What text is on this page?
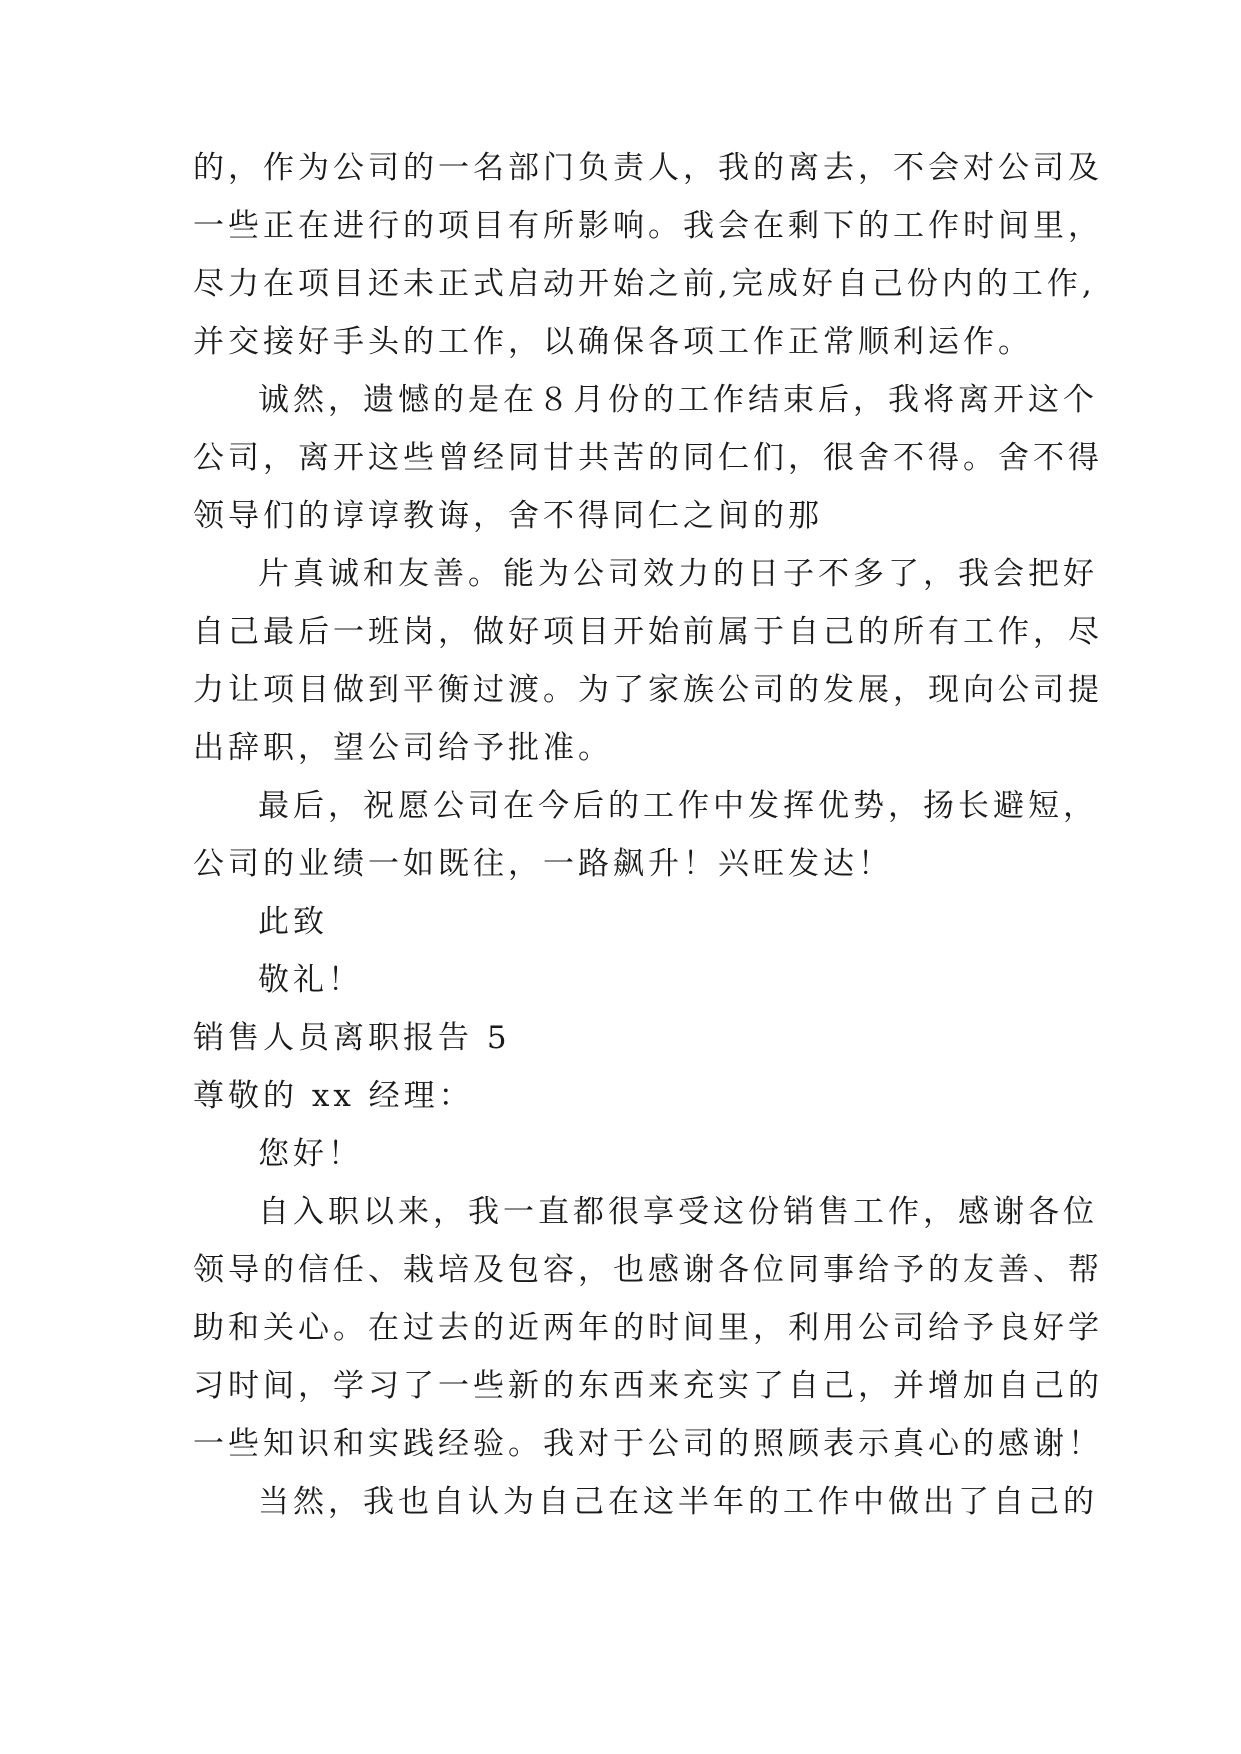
的，作为公司的一名部门负责人，我的离去，不会对公司及
一些正在进行的项目有所影响。我会在剩下的工作时间里，
尽力在项目还未正式启动开始之前,完成好自己份内的工作,
并交接好手头的工作，以确保各项工作正常顺利运作。
诚然，遗憾的是在８月份的工作结束后，我将离开这个
公司，离开这些曾经同甘共苦的同仁们，很舍不得。舍不得
领导们的谆谆教诲，舍不得同仁之间的那
片真诚和友善。能为公司效力的日子不多了，我会把好
自己最后一班岗，做好项目开始前属于自己的所有工作，尽
力让项目做到平衡过渡。为了家族公司的发展，现向公司提
出辞职，望公司给予批准。
最后，祝愿公司在今后的工作中发挥优势，扬长避短，
公司的业绩一如既往，一路飙升！兴旺发达！
此致
敬礼！
销售人员离职报告 5
尊敬的 xx 经理：
您好！
自入职以来，我一直都很享受这份销售工作，感谢各位
领导的信任、栽培及包容，也感谢各位同事给予的友善、帮
助和关心。在过去的近两年的时间里，利用公司给予良好学
习时间，学习了一些新的东西来充实了自己，并增加自己的
一些知识和实践经验。我对于公司的照顾表示真心的感谢！
当然，我也自认为自己在这半年的工作中做出了自己的
